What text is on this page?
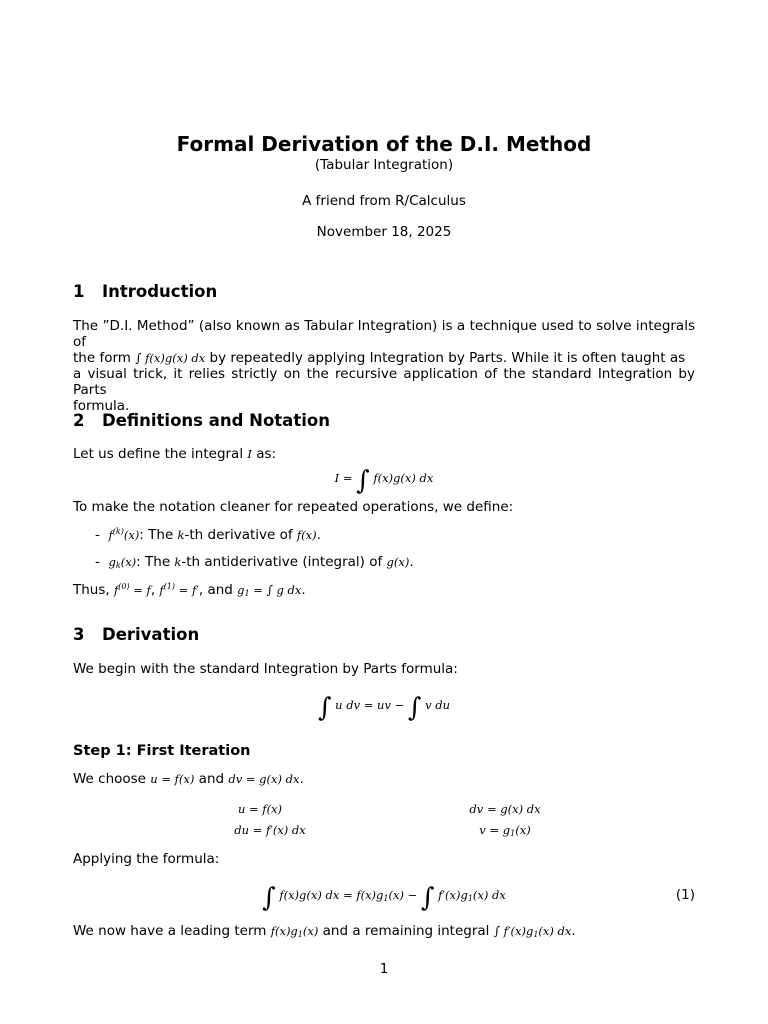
Formal Derivation of the D.I. Method
(Tabular Integration)
A friend from R/Calculus
November 18, 2025
1 Introduction
The ”D.I. Method” (also known as Tabular Integration) is a technique used to solve integrals of
the form ∫ f(x)g(x) dx by repeatedly applying Integration by Parts. While it is often taught as
a visual trick, it relies strictly on the recursive application of the standard Integration by Parts
formula.
2 Definitions and Notation
Let us define the integral I as:
I = ∫ f(x)g(x) dx
To make the notation cleaner for repeated operations, we define:
-  $f^{(k)}(x)$: The k-th derivative of f(x).
-  $g_k(x)$: The k-th antiderivative (integral) of g(x).
Thus, $f^{(0)} = f$, $f^{(1)} = f'$, and $g_1$ = ∫ g dx.
3 Derivation
We begin with the standard Integration by Parts formula:
∫ u dv = uv − ∫ v du
Step 1: First Iteration
We choose u = f(x) and dv = g(x) dx.
u = f(x)	dv = g(x) dx
du = f′(x) dx	$v = g_1(x)$
Applying the formula:
∫ f(x)g(x) dx = $f(x)g_1(x)$ − ∫ $f'(x)g_1(x)$ dx	(1)
We now have a leading term $f(x)g_1(x)$ and a remaining integral ∫ $f'(x)g_1(x)$ dx.
1
